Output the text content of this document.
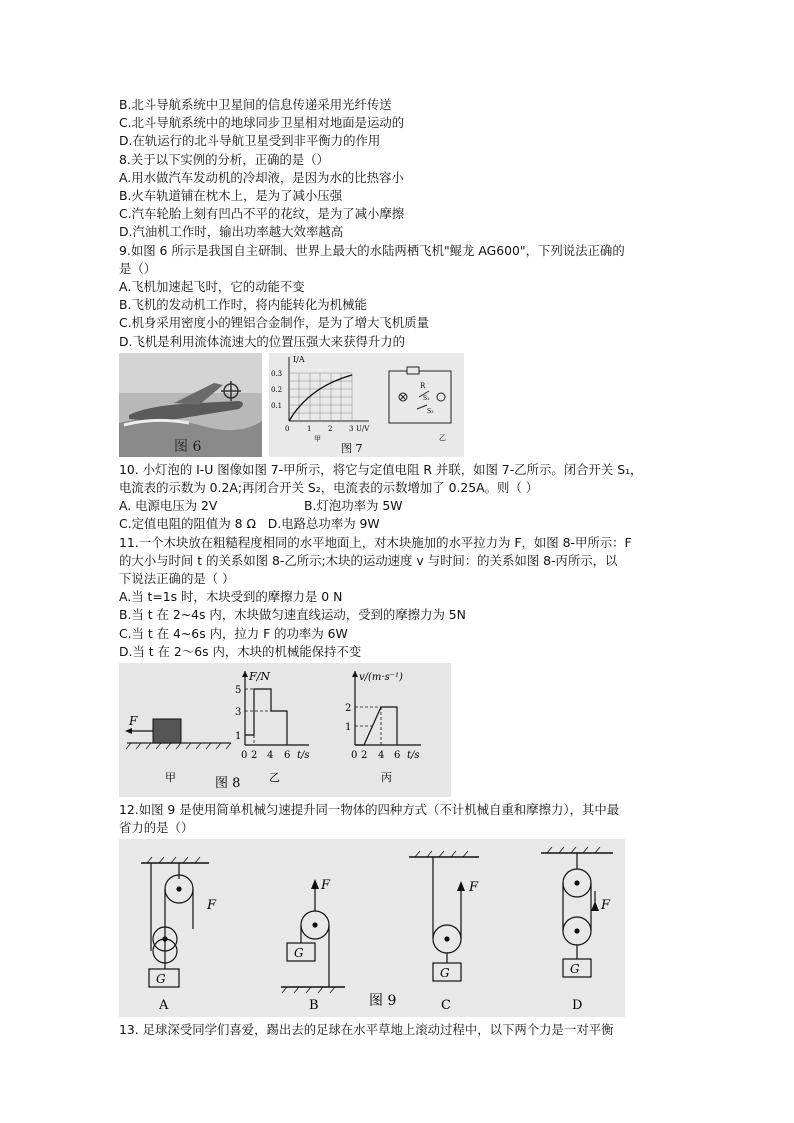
B.北斗导航系统中卫星间的信息传递采用光纤传送
C.北斗导航系统中的地球同步卫星相对地面是运动的
D.在轨运行的北斗导航卫星受到非平衡力的作用
8.关于以下实例的分析，正确的是（）
A.用水做汽车发动机的冷却液，是因为水的比热容小
B.火车轨道铺在枕木上，是为了减小压强
C.汽车轮胎上刻有凹凸不平的花纹，是为了减小摩擦
D.汽油机工作时，输出功率越大效率越高
9.如图 6 所示是我国自主研制、世界上最大的水陆两栖飞机"鲲龙 AG600"，下列说法正确的
是（）
A.飞机加速起飞时，它的动能不变
B.飞机的发动机工作时，将内能转化为机械能
C.机身采用密度小的锂铝合金制作，是为了增大飞机质量
D.飞机是利用流体流速大的位置压强大来获得升力的
图 6
I/A
0.3
0.2
0.1
0	1 2 3 U/V
甲
图 7
R
S₁
S₂
乙
10. 小灯泡的 I-U 图像如图 7-甲所示，将它与定值电阻 R 并联，如图 7-乙所示。闭合开关 S₁，
电流表的示数为 0.2A;再闭合开关 S₂，电流表的示数增加了 0.25A。则（ ）
A. 电源电压为 2V	B.灯泡功率为 5W
C.定值电阻的阻值为 8 Ω D.电路总功率为 9W
11.一个木块放在粗糙程度相同的水平地面上，对木块施加的水平拉力为 F，如图 8-甲所示：F
的大小与时间 t 的关系如图 8-乙所示;木块的运动速度 v 与时间：的关系如图 8-丙所示，以
下说法正确的是（ ）
A.当 t=1s 时，木块受到的摩擦力是 0 N
B.当 t 在 2~4s 内，木块做匀速直线运动，受到的摩擦力为 5N
C.当 t 在 4~6s 内，拉力 F 的功率为 6W
D.当 t 在 2～6s 内，木块的机械能保持不变
F
甲
F/N
5
3
1
0 2 4 6 t/s
乙
v/(m·s⁻¹)
2
1
0 2 4 6 t/s
丙
图 8
12.如图 9 是使用简单机械匀速提升同一物体的四种方式（不计机械自重和摩擦力），其中最
省力的是（）
G
F
A
F
G
B	图 9
F
G
C
F
G
D
13. 足球深受同学们喜爱，踢出去的足球在水平草地上滚动过程中，以下两个力是一对平衡
